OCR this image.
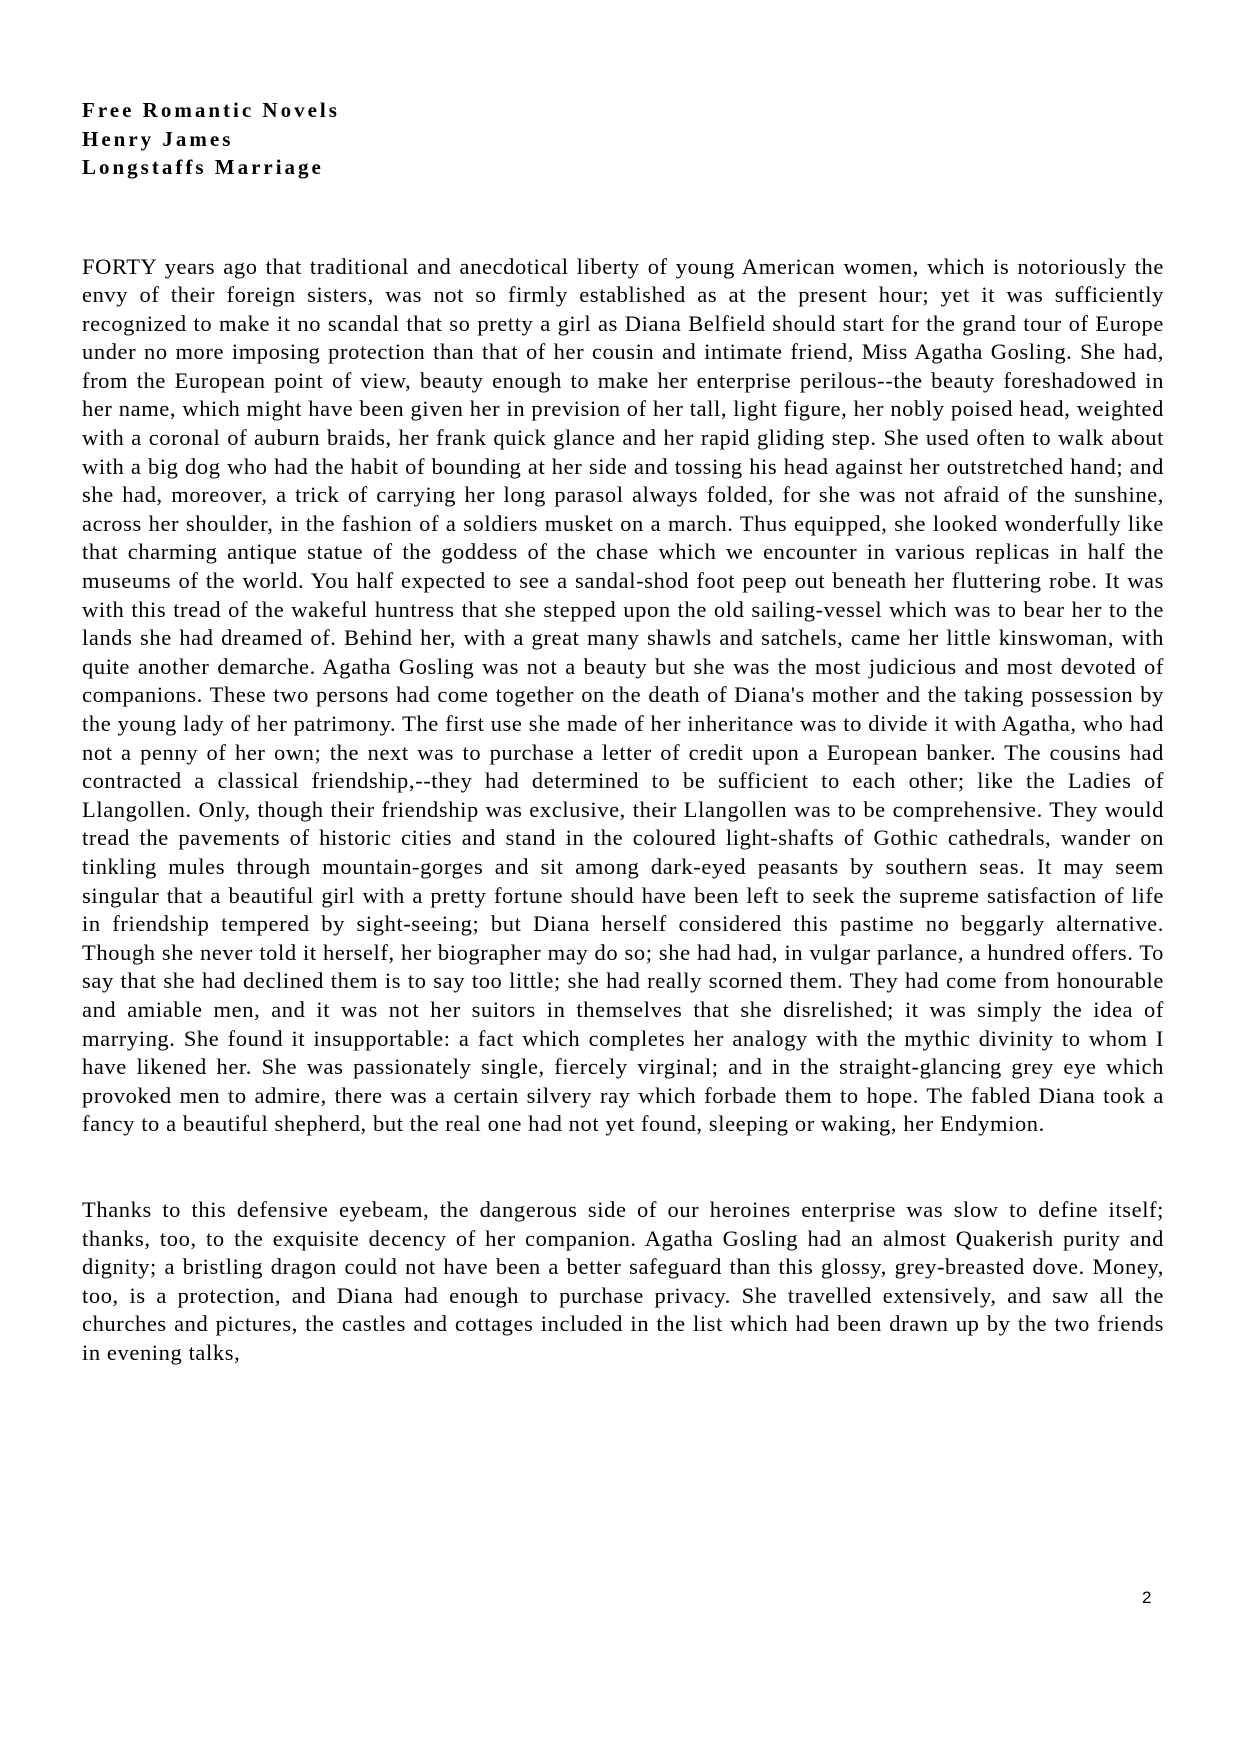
Free Romantic Novels
Henry James
Longstaffs Marriage

FORTY years ago that traditional and anecdotical liberty of young American women, which is notoriously the envy of their foreign sisters, was not so firmly established as at the present hour; yet it was sufficiently recognized to make it no scandal that so pretty a girl as Diana Belfield should start for the grand tour of Europe under no more imposing protection than that of her cousin and intimate friend, Miss Agatha Gosling. She had, from the European point of view, beauty enough to make her enterprise perilous--the beauty foreshadowed in her name, which might have been given her in prevision of her tall, light figure, her nobly poised head, weighted with a coronal of auburn braids, her frank quick glance and her rapid gliding step. She used often to walk about with a big dog who had the habit of bounding at her side and tossing his head against her outstretched hand; and she had, moreover, a trick of carrying her long parasol always folded, for she was not afraid of the sunshine, across her shoulder, in the fashion of a soldiers musket on a march. Thus equipped, she looked wonderfully like that charming antique statue of the goddess of the chase which we encounter in various replicas in half the museums of the world. You half expected to see a sandal-shod foot peep out beneath her fluttering robe. It was with this tread of the wakeful huntress that she stepped upon the old sailing-vessel which was to bear her to the lands she had dreamed of. Behind her, with a great many shawls and satchels, came her little kinswoman, with quite another demarche. Agatha Gosling was not a beauty but she was the most judicious and most devoted of companions. These two persons had come together on the death of Diana's mother and the taking possession by the young lady of her patrimony. The first use she made of her inheritance was to divide it with Agatha, who had not a penny of her own; the next was to purchase a letter of credit upon a European banker. The cousins had contracted a classical friendship,--they had determined to be sufficient to each other; like the Ladies of Llangollen. Only, though their friendship was exclusive, their Llangollen was to be comprehensive. They would tread the pavements of historic cities and stand in the coloured light-shafts of Gothic cathedrals, wander on tinkling mules through mountain-gorges and sit among dark-eyed peasants by southern seas. It may seem singular that a beautiful girl with a pretty fortune should have been left to seek the supreme satisfaction of life in friendship tempered by sight-seeing; but Diana herself considered this pastime no beggarly alternative. Though she never told it herself, her biographer may do so; she had had, in vulgar parlance, a hundred offers. To say that she had declined them is to say too little; she had really scorned them. They had come from honourable and amiable men, and it was not her suitors in themselves that she disrelished; it was simply the idea of marrying. She found it insupportable: a fact which completes her analogy with the mythic divinity to whom I have likened her. She was passionately single, fiercely virginal; and in the straight-glancing grey eye which provoked men to admire, there was a certain silvery ray which forbade them to hope. The fabled Diana took a fancy to a beautiful shepherd, but the real one had not yet found, sleeping or waking, her Endymion.

Thanks to this defensive eyebeam, the dangerous side of our heroines enterprise was slow to define itself; thanks, too, to the exquisite decency of her companion. Agatha Gosling had an almost Quakerish purity and dignity; a bristling dragon could not have been a better safeguard than this glossy, grey-breasted dove. Money, too, is a protection, and Diana had enough to purchase privacy. She travelled extensively, and saw all the churches and pictures, the castles and cottages included in the list which had been drawn up by the two friends in evening talks,

2
